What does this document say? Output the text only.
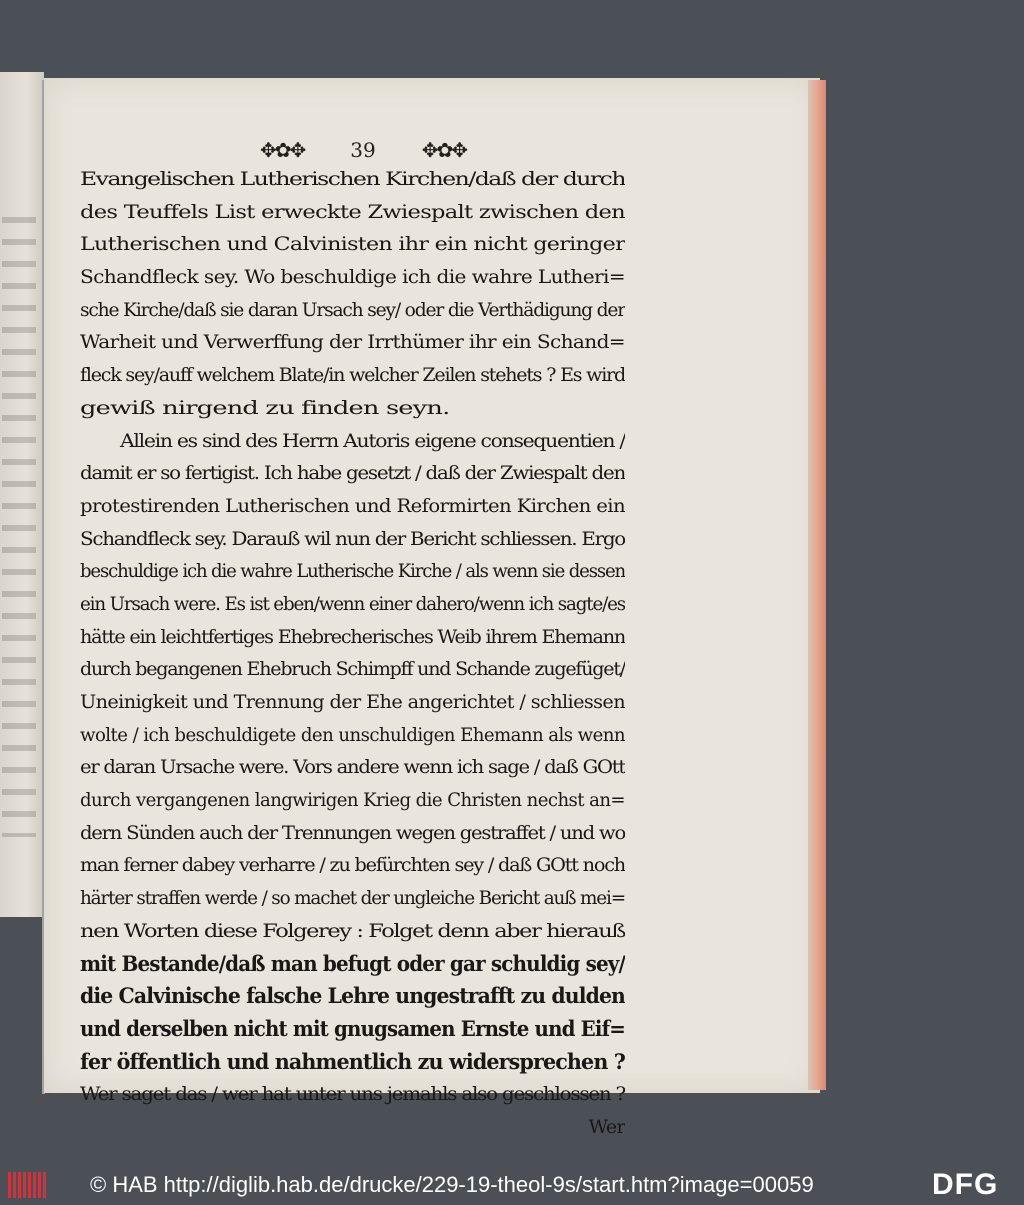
✥✿✥ 39 ✥✿✥
Evangelischen Lutherischen Kirchen/daß der durch
des Teuffels List erweckte Zwiespalt zwischen den
Lutherischen und Calvinisten ihr ein nicht geringer
Schandfleck sey. Wo beschuldige ich die wahre Lutheri=
sche Kirche/daß sie daran Ursach sey/ oder die Verthädigung der
Warheit und Verwerffung der Irrthümer ihr ein Schand=
fleck sey/auff welchem Blate/in welcher Zeilen stehets ? Es wird
gewiß nirgend zu finden seyn.
Allein es sind des Herrn Autoris eigene consequentien /
damit er so fertigist. Ich habe gesetzt / daß der Zwiespalt den
protestirenden Lutherischen und Reformirten Kirchen ein
Schandfleck sey. Darauß wil nun der Bericht schliessen. Ergo
beschuldige ich die wahre Lutherische Kirche / als wenn sie dessen
ein Ursach were. Es ist eben/wenn einer dahero/wenn ich sagte/es
hätte ein leichtfertiges Ehebrecherisches Weib ihrem Ehemann
durch begangenen Ehebruch Schimpff und Schande zugefüget/
Uneinigkeit und Trennung der Ehe angerichtet / schliessen
wolte / ich beschuldigete den unschuldigen Ehemann als wenn
er daran Ursache were. Vors andere wenn ich sage / daß GOtt
durch vergangenen langwirigen Krieg die Christen nechst an=
dern Sünden auch der Trennungen wegen gestraffet / und wo
man ferner dabey verharre / zu befürchten sey / daß GOtt noch
härter straffen werde / so machet der ungleiche Bericht auß mei=
nen Worten diese Folgerey : Folget denn aber hierauß
mit Bestande/daß man befugt oder gar schuldig sey/
die Calvinische falsche Lehre ungestrafft zu dulden
und derselben nicht mit gnugsamen Ernste und Eif=
fer öffentlich und nahmentlich zu widersprechen ?
Wer saget das / wer hat unter uns jemahls also geschlossen ?
Wer
© HAB http://diglib.hab.de/drucke/229-19-theol-9s/start.htm?image=00059	DFG
